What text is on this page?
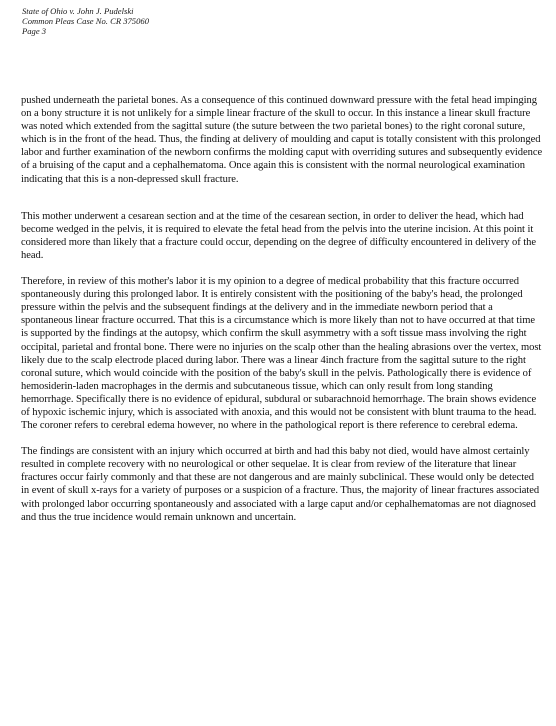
State of Ohio v. John J. Pudelski
Common Pleas Case No. CR 375060
Page 3

pushed underneath the parietal bones. As a consequence of this continued downward pressure with the fetal head impinging on a bony structure it is not unlikely for a simple linear fracture of the skull to occur. In this instance a linear skull fracture was noted which extended from the sagittal suture (the suture between the two parietal bones) to the right coronal suture, which is in the front of the head. Thus, the finding at delivery of moulding and caput is totally consistent with this prolonged labor and further examination of the newborn confirms the molding caput with overriding sutures and subsequently evidence of a bruising of the caput and a cephalhematoma. Once again this is consistent with the normal neurological examination indicating that this is a non-depressed skull fracture.

This mother underwent a cesarean section and at the time of the cesarean section, in order to deliver the head, which had become wedged in the pelvis, it is required to elevate the fetal head from the pelvis into the uterine incision. At this point it considered more than likely that a fracture could occur, depending on the degree of difficulty encountered in delivery of the head.

Therefore, in review of this mother's labor it is my opinion to a degree of medical probability that this fracture occurred spontaneously during this prolonged labor. It is entirely consistent with the positioning of the baby's head, the prolonged pressure within the pelvis and the subsequent findings at the delivery and in the immediate newborn period that a spontaneous linear fracture occurred. That this is a circumstance which is more likely than not to have occurred at that time is supported by the findings at the autopsy, which confirm the skull asymmetry with a soft tissue mass involving the right occipital, parietal and frontal bone. There were no injuries on the scalp other than the healing abrasions over the vertex, most likely due to the scalp electrode placed during labor. There was a linear 4inch fracture from the sagittal suture to the right coronal suture, which would coincide with the position of the baby's skull in the pelvis. Pathologically there is evidence of hemosiderin-laden macrophages in the dermis and subcutaneous tissue, which can only result from long standing hemorrhage. Specifically there is no evidence of epidural, subdural or subarachnoid hemorrhage. The brain shows evidence of hypoxic ischemic injury, which is associated with anoxia, and this would not be consistent with blunt trauma to the head. The coroner refers to cerebral edema however, no where in the pathological report is there reference to cerebral edema.

The findings are consistent with an injury which occurred at birth and had this baby not died, would have almost certainly resulted in complete recovery with no neurological or other sequelae. It is clear from review of the literature that linear fractures occur fairly commonly and that these are not dangerous and are mainly subclinical. These would only be detected in event of skull x-rays for a variety of purposes or a suspicion of a fracture. Thus, the majority of linear fractures associated with prolonged labor occurring spontaneously and associated with a large caput and/or cephalhematomas are not diagnosed and thus the true incidence would remain unknown and uncertain.
